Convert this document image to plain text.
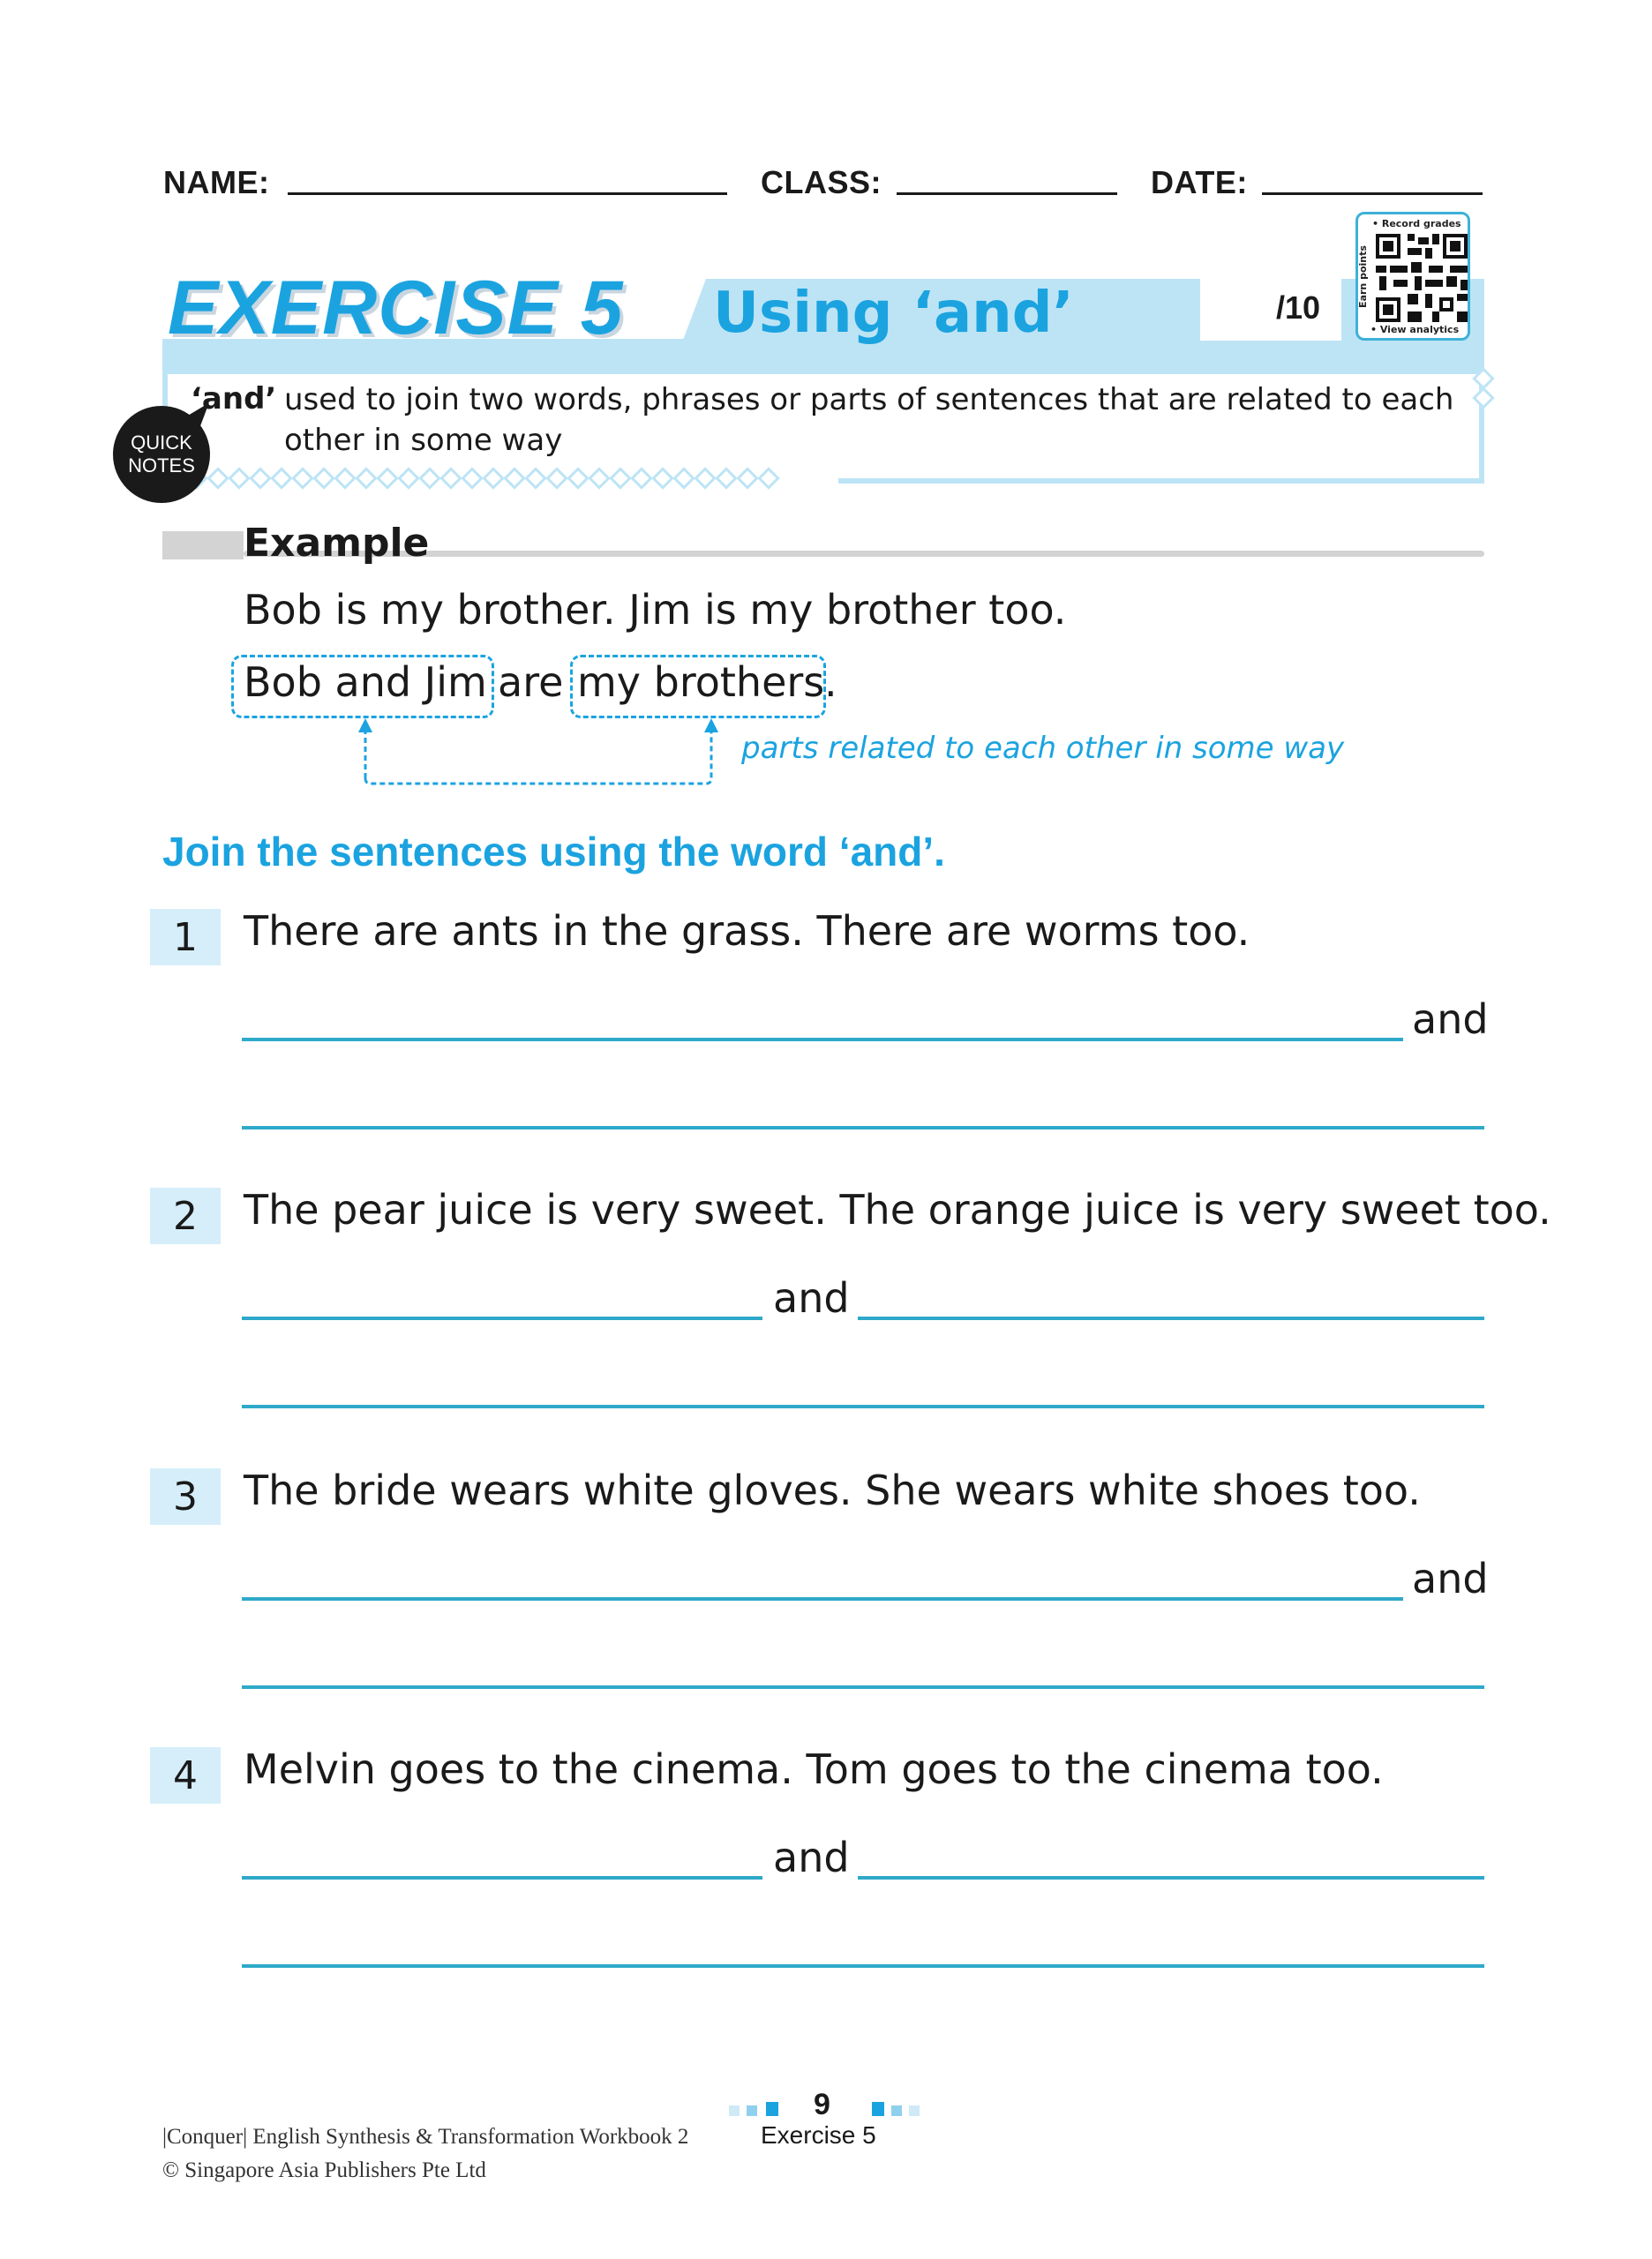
NAME:	CLASS:	DATE:
EXERCISE 5 Using ‘and’	/10
• Record grades
Earn points
• View analytics
QUICK
NOTES
‘and’ used to join two words, phrases or parts of sentences that are related to each
other in some way
Example
Bob is my brother. Jim is my brother too.
Bob and Jim are my brothers .
parts related to each other in some way
Join the sentences using the word ‘and’.
1	There are ants in the grass. There are worms too.
and
2	The pear juice is very sweet. The orange juice is very sweet too.
and
3	The bride wears white gloves. She wears white shoes too.
and
4	Melvin goes to the cinema. Tom goes to the cinema too.
and
9
|Conquer| English Synthesis & Transformation Workbook 2	Exercise 5
© Singapore Asia Publishers Pte Ltd
